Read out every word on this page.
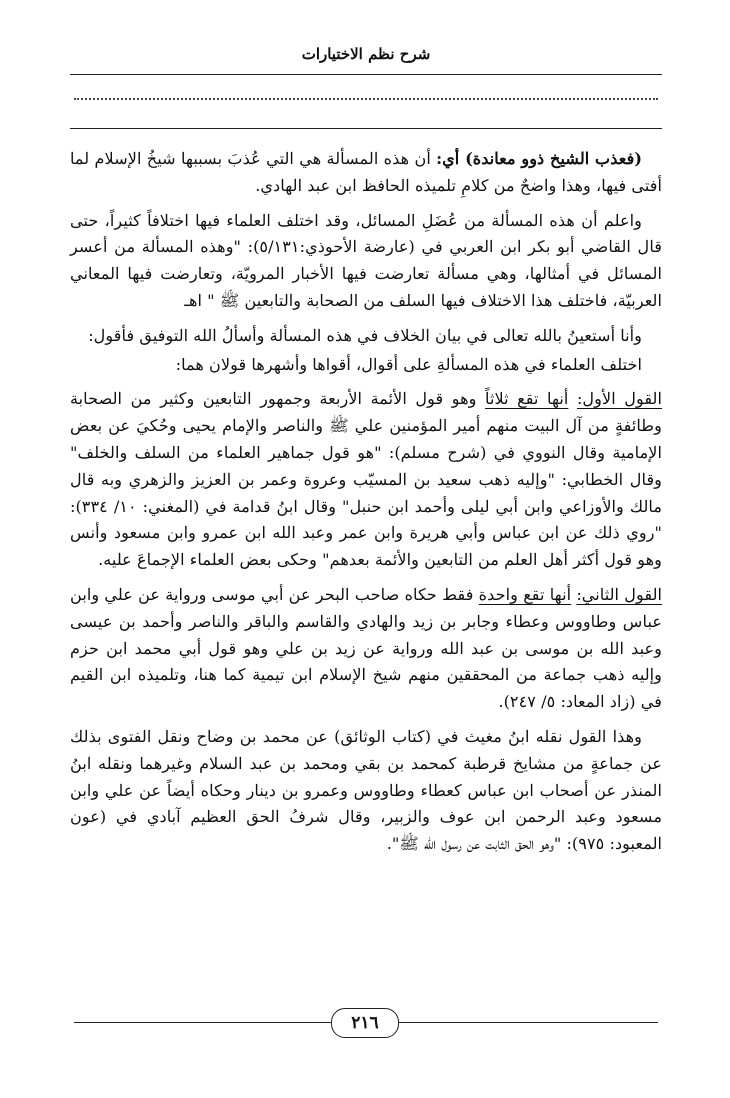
شرح نظم الاختيارات

(فعذب الشيخ ذوو معاندة) أي: أن هذه المسألة هي التي عُذبَ بسببها شيخُ الإسلام لما أفتى فيها، وهذا واضحٌ من كلامِ تلميذه الحافظ ابن عبد الهادي.

واعلم أن هذه المسألة من عُضَلِ المسائل، وقد اختلف العلماء فيها اختلافاً كثيراً، حتى قال القاضي أبو بكر ابن العربي في (عارضة الأحوذي:٥/١٣١): "وهذه المسألة من أعسر المسائل في أمثالها، وهي مسألة تعارضت فيها الأخبار المرويّة، وتعارضت فيها المعاني العربيّة، فاختلف هذا الاختلاف فيها السلف من الصحابة والتابعين ﷺ " اهـ

وأنا أستعينُ بالله تعالى في بيان الخلاف في هذه المسألة وأسألُ الله التوفيق فأقول:

اختلف العلماء في هذه المسألةِ على أقوال، أقواها وأشهرها قولان هما:

القول الأول: أنها تقع ثلاثاً وهو قول الأئمة الأربعة وجمهور التابعين وكثير من الصحابة وطائفةٍ من آل البيت منهم أمير المؤمنين علي ﷺ والناصر والإمام يحيى وحُكيَ عن بعض الإمامية وقال النووي في (شرح مسلم): "هو قول جماهير العلماء من السلف والخلف" وقال الخطابي: "وإليه ذهب سعيد بن المسيّب وعروة وعمر بن العزيز والزهري وبه قال مالك والأوزاعي وابن أبي ليلى وأحمد ابن حنبل" وقال ابنُ قدامة في (المغني: ١٠/ ٣٣٤): "روي ذلك عن ابن عباس وأبي هريرة وابن عمر وعبد الله ابن عمرو وابن مسعود وأنس وهو قول أكثر أهل العلم من التابعين والأئمة بعدهم" وحكى بعض العلماء الإجماعَ عليه.

القول الثاني: أنها تقع واحدة فقط حكاه صاحب البحر عن أبي موسى ورواية عن علي وابن عباس وطاووس وعطاء وجابر بن زيد والهادي والقاسم والباقر والناصر وأحمد بن عيسى وعبد الله بن موسى بن عبد الله ورواية عن زيد بن علي وهو قول أبي محمد ابن حزم وإليه ذهب جماعة من المحققين منهم شيخ الإسلام ابن تيمية كما هنا، وتلميذه ابن القيم في (زاد المعاد: ٥/ ٢٤٧).

وهذا القول نقله ابنُ مغيث في (كتاب الوثائق) عن محمد بن وضاح ونقل الفتوى بذلك عن جماعةٍ من مشايخ قرطبة كمحمد بن بقي ومحمد بن عبد السلام وغيرهما ونقله ابنُ المنذر عن أصحاب ابن عباس كعطاء وطاووس وعمرو بن دينار وحكاه أيضاً عن علي وابن مسعود وعبد الرحمن ابن عوف والزبير، وقال شرفُ الحق العظيم آبادي في (عون المعبود: ٩٧٥): "وهو الحق الثابت عن رسول الله ﷺ".

٢١٦
